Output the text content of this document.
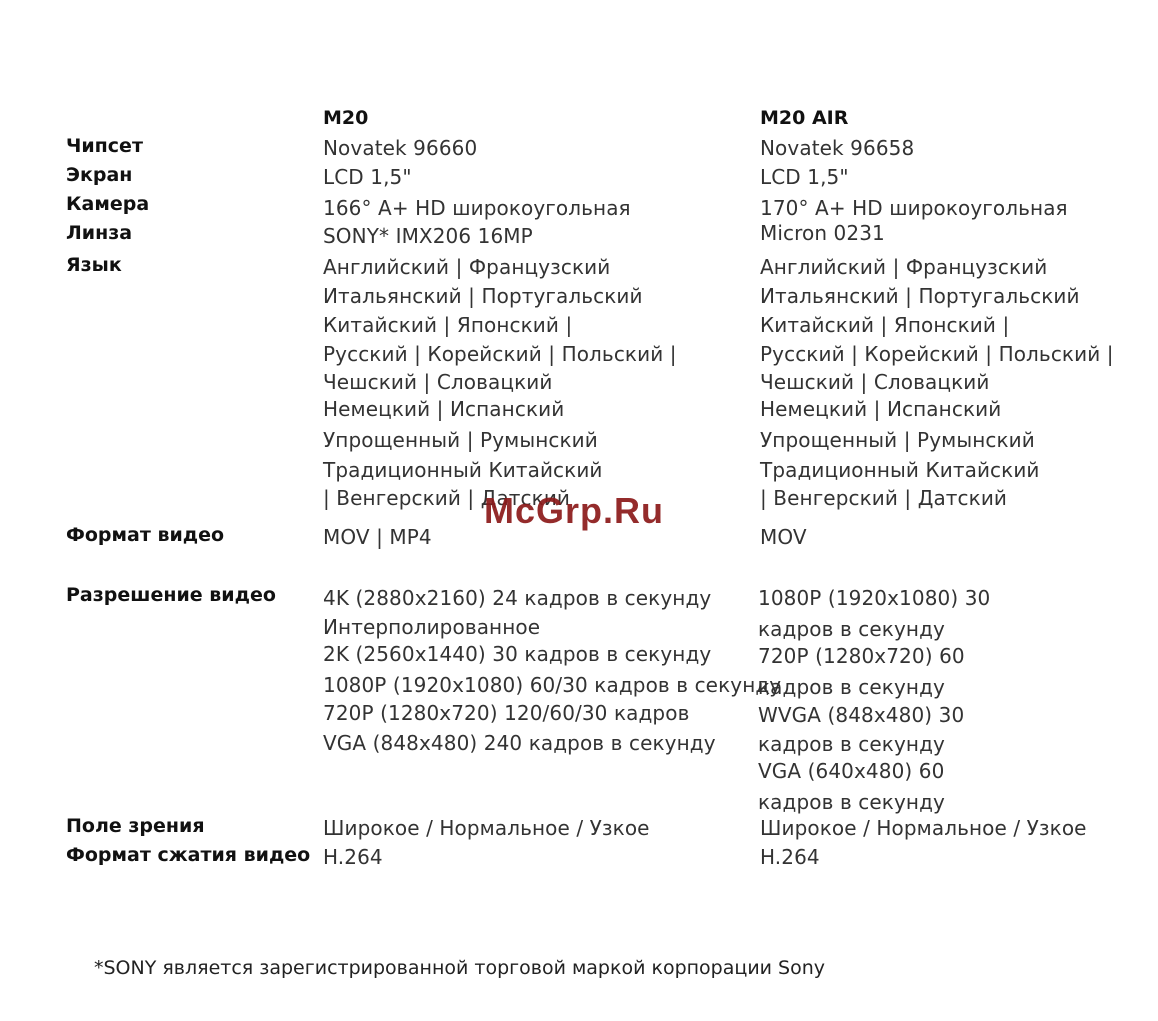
M20	M20 AIR
Чипсет
Экран
Камера
Линза
Язык
Формат видео
Разрешение видео
Поле зрения
Формат сжатия видео
Novatek 96660
LCD 1,5"
166° A+ HD широкоугольная
SONY* IMX206 16MP
Английский | Французский
Итальянский | Португальский
Китайский | Японский |
Русский | Корейский | Польский |
Чешский | Словацкий
Немецкий | Испанский
Упрощенный | Румынский
Традиционный Китайский
| Венгерский | Датский
MOV | MP4
4K (2880x2160) 24 кадров в секунду
Интерполированное
2K (2560x1440) 30 кадров в секунду
1080P (1920x1080) 60/30 кадров в секунду
720P (1280x720) 120/60/30 кадров
VGA (848x480) 240 кадров в секунду
Широкое / Нормальное / Узкое
H.264
Novatek 96658
LCD 1,5"
170° A+ HD широкоугольная
Micron 0231
Английский | Французский
Итальянский | Португальский
Китайский | Японский |
Русский | Корейский | Польский |
Чешский | Словацкий
Немецкий | Испанский
Упрощенный | Румынский
Традиционный Китайский
| Венгерский | Датский
MOV
1080P (1920x1080) 30
кадров в секунду
720P (1280x720) 60
кадров в секунду
WVGA (848x480) 30
кадров в секунду
VGA (640x480) 60
кадров в секунду
Широкое / Нормальное / Узкое
H.264
*SONY является зарегистрированной торговой маркой корпорации Sony
McGrp.Ru
